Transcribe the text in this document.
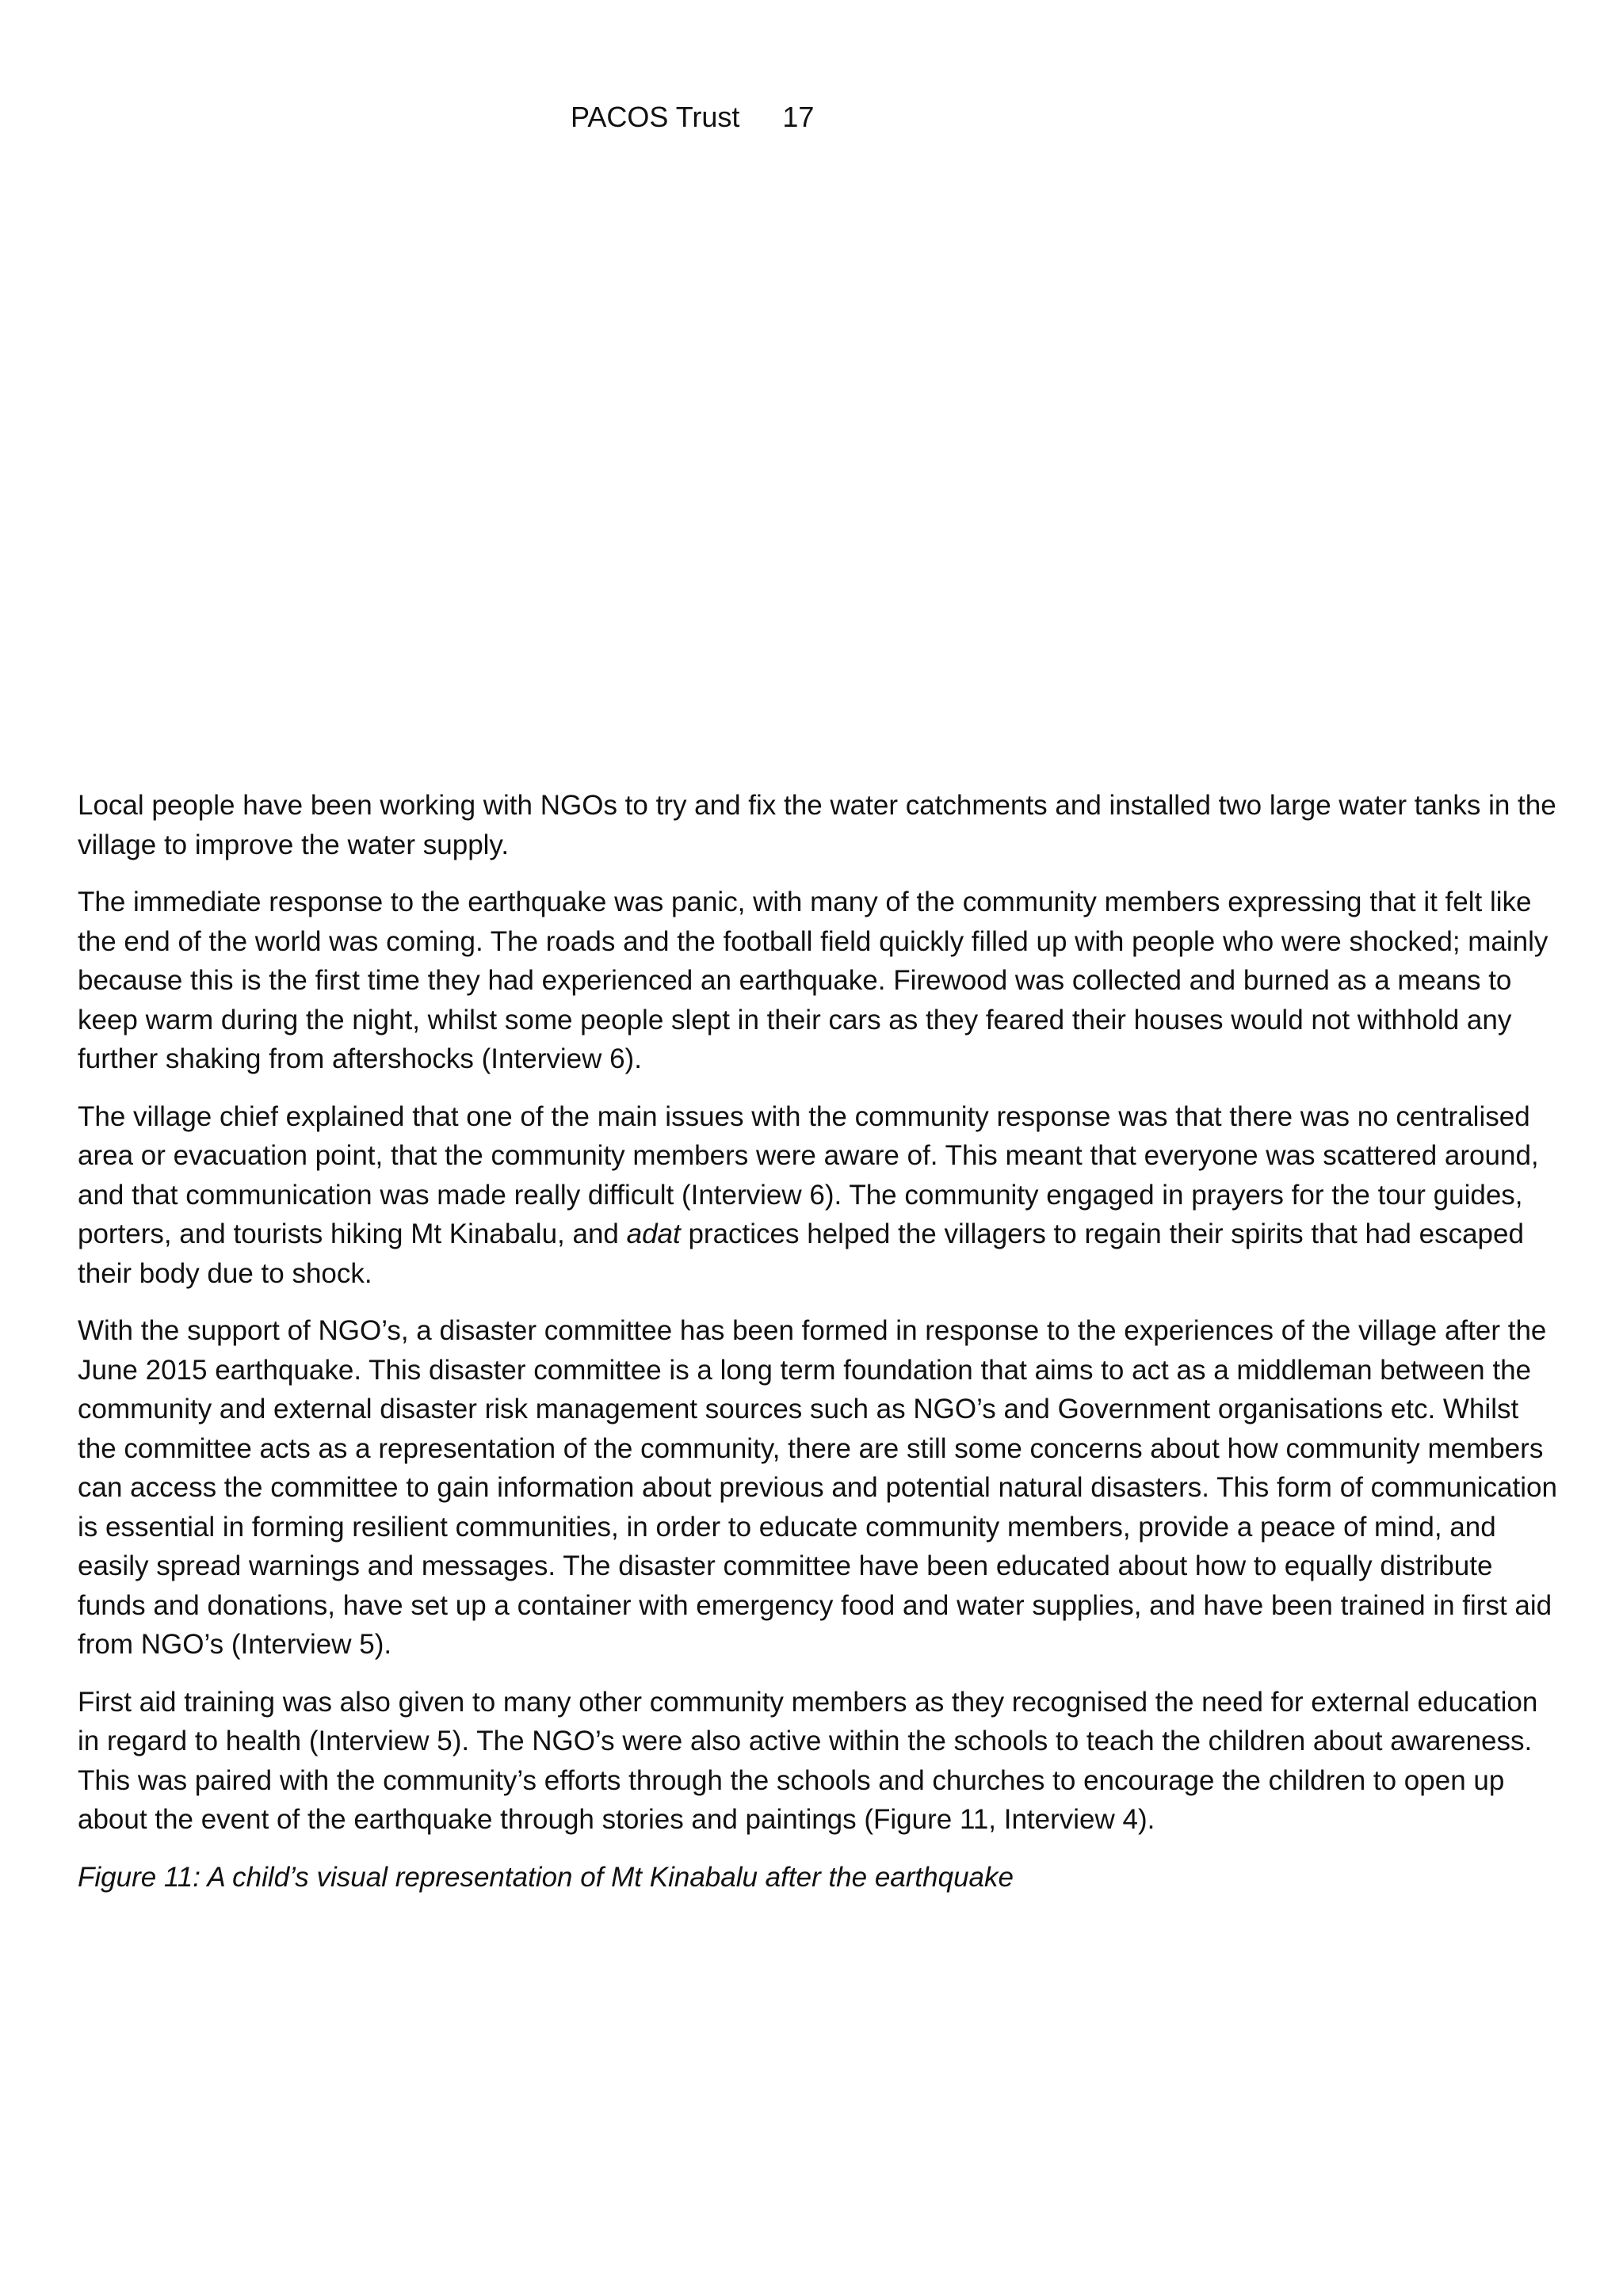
PACOS Trust 17

Local people have been working with NGOs to try and fix the water catchments and installed two large water tanks in the village to improve the water supply.

The immediate response to the earthquake was panic, with many of the community members expressing that it felt like the end of the world was coming. The roads and the football field quickly filled up with people who were shocked; mainly because this is the first time they had experienced an earthquake. Firewood was collected and burned as a means to keep warm during the night, whilst some people slept in their cars as they feared their houses would not withhold any further shaking from aftershocks (Interview 6).

The village chief explained that one of the main issues with the community response was that there was no centralised area or evacuation point, that the community members were aware of. This meant that everyone was scattered around, and that communication was made really difficult (Interview 6). The community engaged in prayers for the tour guides, porters, and tourists hiking Mt Kinabalu, and adat practices helped the villagers to regain their spirits that had escaped their body due to shock.

With the support of NGO’s, a disaster committee has been formed in response to the experiences of the village after the June 2015 earthquake. This disaster committee is a long term foundation that aims to act as a middleman between the community and external disaster risk management sources such as NGO’s and Government organisations etc. Whilst the committee acts as a representation of the community, there are still some concerns about how community members can access the committee to gain information about previous and potential natural disasters. This form of communication is essential in forming resilient communities, in order to educate community members, provide a peace of mind, and easily spread warnings and messages. The disaster committee have been educated about how to equally distribute funds and donations, have set up a container with emergency food and water supplies, and have been trained in first aid from NGO’s (Interview 5).

First aid training was also given to many other community members as they recognised the need for external education in regard to health (Interview 5). The NGO’s were also active within the schools to teach the children about awareness. This was paired with the community’s efforts through the schools and churches to encourage the children to open up about the event of the earthquake through stories and paintings (Figure 11, Interview 4).

Figure 11: A child’s visual representation of Mt Kinabalu after the earthquake
